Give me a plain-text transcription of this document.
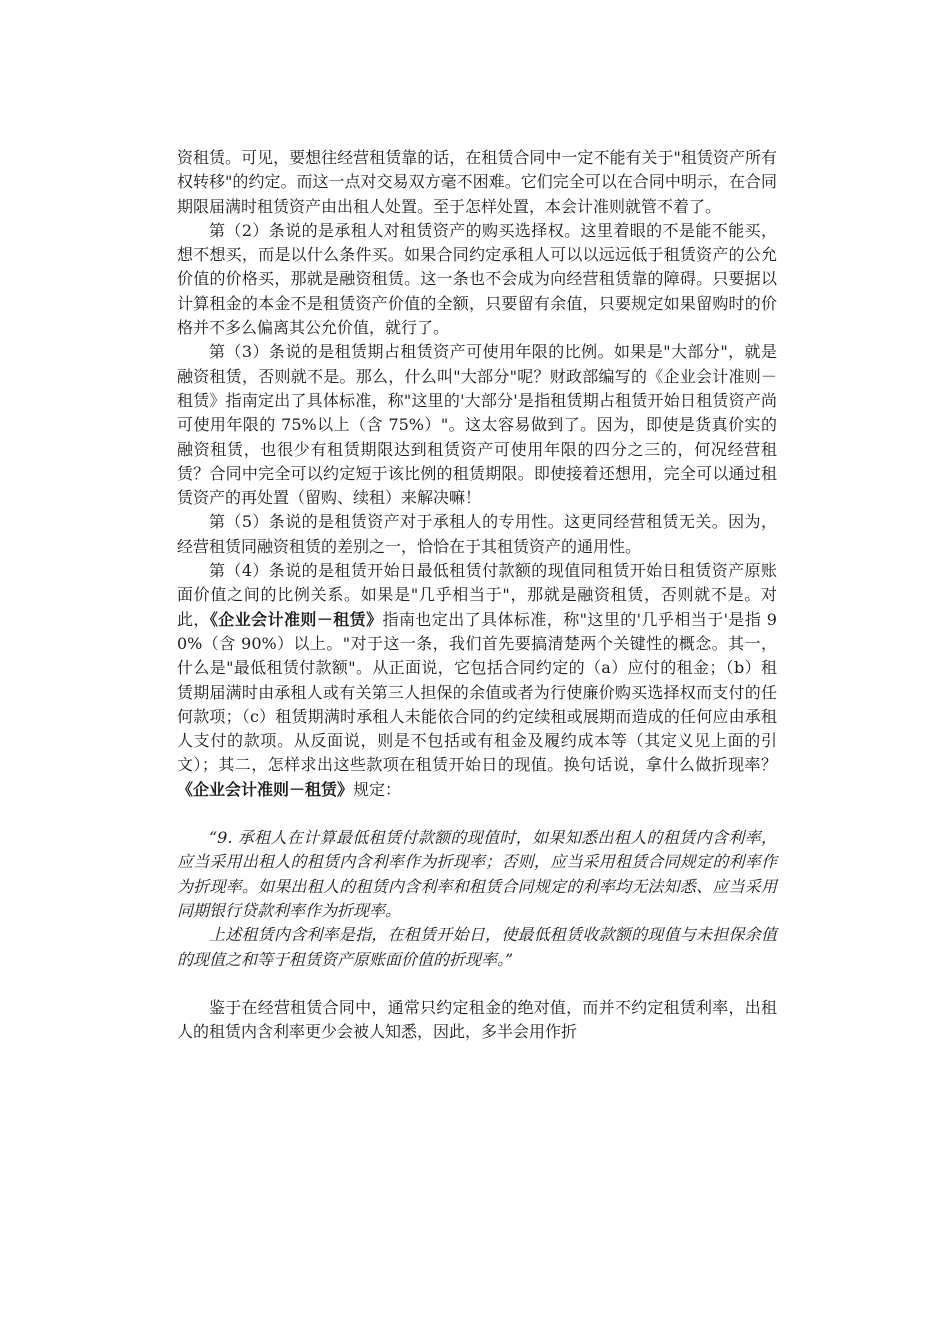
资租赁。可见，要想往经营租赁靠的话，在租赁合同中一定不能有关于"租赁资产所有权转移"的约定。而这一点对交易双方毫不困难。它们完全可以在合同中明示，在合同期限届满时租赁资产由出租人处置。至于怎样处置，本会计准则就管不着了。

第（2）条说的是承租人对租赁资产的购买选择权。这里着眼的不是能不能买，想不想买，而是以什么条件买。如果合同约定承租人可以以远远低于租赁资产的公允价值的价格买，那就是融资租赁。这一条也不会成为向经营租赁靠的障碍。只要据以计算租金的本金不是租赁资产价值的全额，只要留有余值，只要规定如果留购时的价格并不多么偏离其公允价值，就行了。

第（3）条说的是租赁期占租赁资产可使用年限的比例。如果是"大部分"，就是融资租赁，否则就不是。那么，什么叫"大部分"呢？财政部编写的《企业会计准则－租赁》指南定出了具体标准，称"这里的'大部分'是指租赁期占租赁开始日租赁资产尚可使用年限的 75%以上（含 75%）"。这太容易做到了。因为，即使是货真价实的融资租赁，也很少有租赁期限达到租赁资产可使用年限的四分之三的，何况经营租赁？合同中完全可以约定短于该比例的租赁期限。即使接着还想用，完全可以通过租赁资产的再处置（留购、续租）来解决嘛！

第（5）条说的是租赁资产对于承租人的专用性。这更同经营租赁无关。因为，经营租赁同融资租赁的差别之一，恰恰在于其租赁资产的通用性。

第（4）条说的是租赁开始日最低租赁付款额的现值同租赁开始日租赁资产原账面价值之间的比例关系。如果是"几乎相当于"，那就是融资租赁，否则就不是。对此，《企业会计准则－租赁》指南也定出了具体标准，称"这里的'几乎相当于'是指 90%（含 90%）以上。"对于这一条，我们首先要搞清楚两个关键性的概念。其一，什么是"最低租赁付款额"。从正面说，它包括合同约定的（a）应付的租金；（b）租赁期届满时由承租人或有关第三人担保的余值或者为行使廉价购买选择权而支付的任何款项；（c）租赁期满时承租人未能依合同的约定续租或展期而造成的任何应由承租人支付的款项。从反面说，则是不包括或有租金及履约成本等（其定义见上面的引文）；其二，怎样求出这些款项在租赁开始日的现值。换句话说，拿什么做折现率？《企业会计准则－租赁》规定：

“9. 承租人在计算最低租赁付款额的现值时，如果知悉出租人的租赁内含利率，应当采用出租人的租赁内含利率作为折现率；否则，应当采用租赁合同规定的利率作为折现率。如果出租人的租赁内含利率和租赁合同规定的利率均无法知悉、应当采用同期银行贷款利率作为折现率。

上述租赁内含利率是指，在租赁开始日，使最低租赁收款额的现值与未担保余值的现值之和等于租赁资产原账面价值的折现率。”

鉴于在经营租赁合同中，通常只约定租金的绝对值，而并不约定租赁利率，出租人的租赁内含利率更少会被人知悉，因此，多半会用作折
